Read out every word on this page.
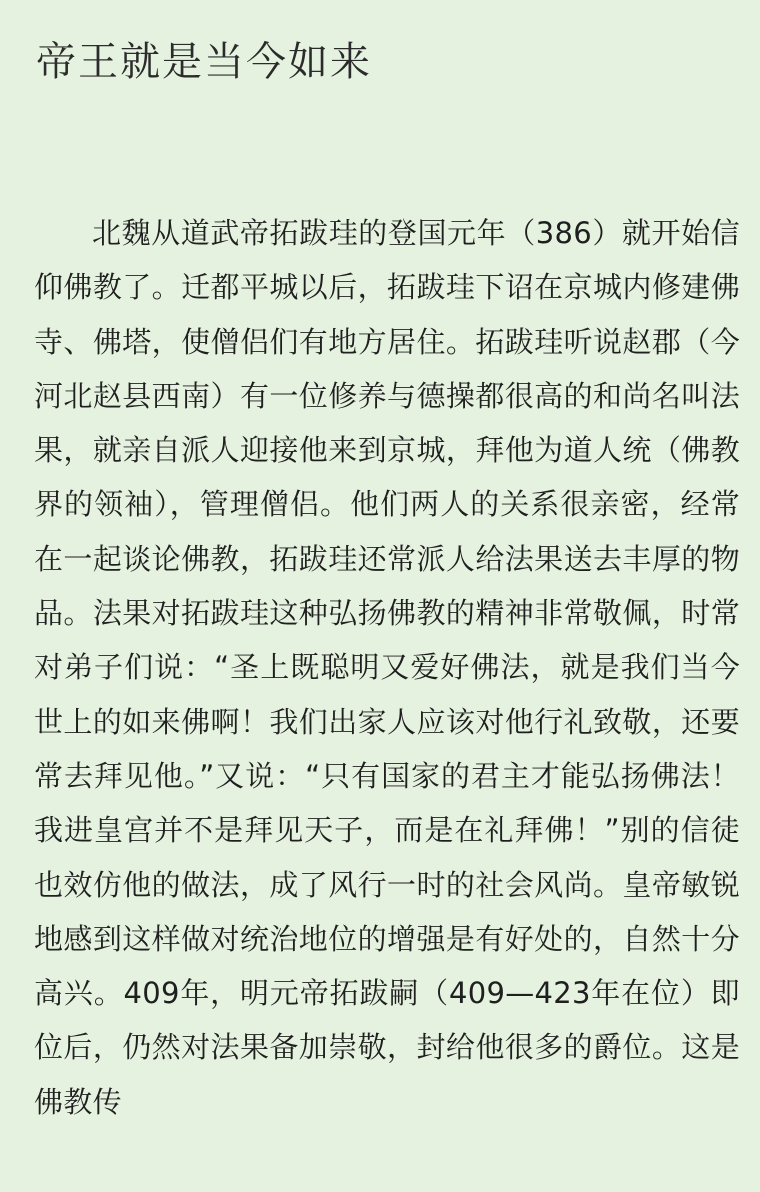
帝王就是当今如来

北魏从道武帝拓跋珪的登国元年（386）就开始信仰佛教了。迁都平城以后，拓跋珪下诏在京城内修建佛寺、佛塔，使僧侣们有地方居住。拓跋珪听说赵郡（今河北赵县西南）有一位修养与德操都很高的和尚名叫法果，就亲自派人迎接他来到京城，拜他为道人统（佛教界的领袖），管理僧侣。他们两人的关系很亲密，经常在一起谈论佛教，拓跋珪还常派人给法果送去丰厚的物品。法果对拓跋珪这种弘扬佛教的精神非常敬佩，时常对弟子们说：“圣上既聪明又爱好佛法，就是我们当今世上的如来佛啊！我们出家人应该对他行礼致敬，还要常去拜见他。”又说：“只有国家的君主才能弘扬佛法！我进皇宫并不是拜见天子，而是在礼拜佛！”别的信徒也效仿他的做法，成了风行一时的社会风尚。皇帝敏锐地感到这样做对统治地位的增强是有好处的，自然十分高兴。409年，明元帝拓跋嗣（409—423年在位）即位后，仍然对法果备加崇敬，封给他很多的爵位。这是佛教传
